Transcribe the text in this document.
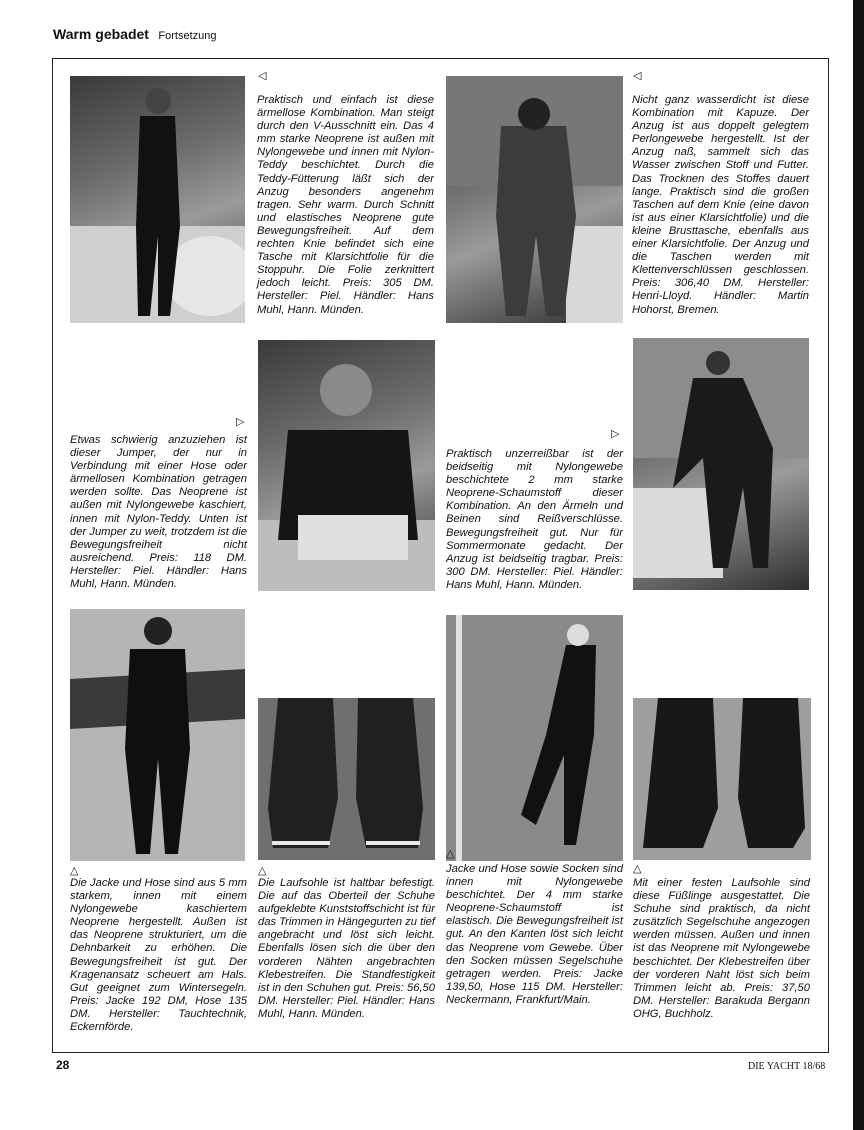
Warm gebadet Fortsetzung
◁

Praktisch und einfach ist diese ärmellose Kombination. Man steigt durch den V-Ausschnitt ein. Das 4 mm starke Neoprene ist außen mit Nylongewebe und innen mit Nylon-Teddy beschichtet. Durch die Teddy-Fütterung läßt sich der Anzug besonders angenehm tragen. Sehr warm. Durch Schnitt und elastisches Neoprene gute Bewegungsfreiheit. Auf dem rechten Knie befindet sich eine Tasche mit Klarsichtfolie für die Stoppuhr. Die Folie zerknittert jedoch leicht. Preis: 305 DM. Hersteller: Piel. Händler: Hans Muhl, Hann. Münden.

◁

Nicht ganz wasserdicht ist diese Kombination mit Kapuze. Der Anzug ist aus doppelt gelegtem Perlongewebe hergestellt. Ist der Anzug naß, sammelt sich das Wasser zwischen Stoff und Futter. Das Trocknen des Stoffes dauert lange. Praktisch sind die großen Taschen auf dem Knie (eine davon ist aus einer Klarsichtfolie) und die kleine Brusttasche, ebenfalls aus einer Klarsichtfolie. Der Anzug und die Taschen werden mit Klettenverschlüssen geschlossen. Preis: 306,40 DM. Hersteller: Henri-Lloyd. Händler: Martin Hohorst, Bremen.

▷

Etwas schwierig anzuziehen ist dieser Jumper, der nur in Verbindung mit einer Hose oder ärmellosen Kombination getragen werden sollte. Das Neoprene ist außen mit Nylongewebe kaschiert, innen mit Nylon-Teddy. Unten ist der Jumper zu weit, trotzdem ist die Bewegungsfreiheit nicht ausreichend. Preis: 118 DM. Hersteller: Piel. Händler: Hans Muhl, Hann. Münden.

▷

Praktisch unzerreißbar ist der beidseitig mit Nylongewebe beschichtete 2 mm starke Neoprene-Schaumstoff dieser Kombination. An den Ärmeln und Beinen sind Reißverschlüsse. Bewegungsfreiheit gut. Nur für Sommermonate gedacht. Der Anzug ist beidseitig tragbar. Preis: 300 DM. Hersteller: Piel. Händler: Hans Muhl, Hann. Münden.

△

Die Jacke und Hose sind aus 5 mm starkem, innen mit einem Nylongewebe kaschiertem Neoprene hergestellt. Außen ist das Neoprene strukturiert, um die Dehnbarkeit zu erhöhen. Die Bewegungsfreiheit ist gut. Der Kragenansatz scheuert am Hals. Gut geeignet zum Wintersegeln. Preis: Jacke 192 DM, Hose 135 DM. Hersteller: Tauchtechnik, Eckernförde.

△

Die Laufsohle ist haltbar befestigt. Die auf das Oberteil der Schuhe aufgeklebte Kunststoffschicht ist für das Trimmen in Hängegurten zu tief angebracht und löst sich leicht. Ebenfalls lösen sich die über den vorderen Nähten angebrachten Klebestreifen. Die Standfestigkeit ist in den Schuhen gut. Preis: 56,50 DM. Hersteller: Piel. Händler: Hans Muhl, Hann. Münden.

△

Jacke und Hose sowie Socken sind innen mit Nylongewebe beschichtet. Der 4 mm starke Neoprene-Schaumstoff ist elastisch. Die Bewegungsfreiheit ist gut. An den Kanten löst sich leicht das Neoprene vom Gewebe. Über den Socken müssen Segelschuhe getragen werden. Preis: Jacke 139,50, Hose 115 DM. Hersteller: Neckermann, Frankfurt/Main.

△

Mit einer festen Laufsohle sind diese Füßlinge ausgestattet. Die Schuhe sind praktisch, da nicht zusätzlich Segelschuhe angezogen werden müssen. Außen und innen ist das Neoprene mit Nylongewebe beschichtet. Der Klebestreifen über der vorderen Naht löst sich beim Trimmen leicht ab. Preis: 37,50 DM. Hersteller: Barakuda Bergann OHG, Buchholz.

28	DIE YACHT 18/68
